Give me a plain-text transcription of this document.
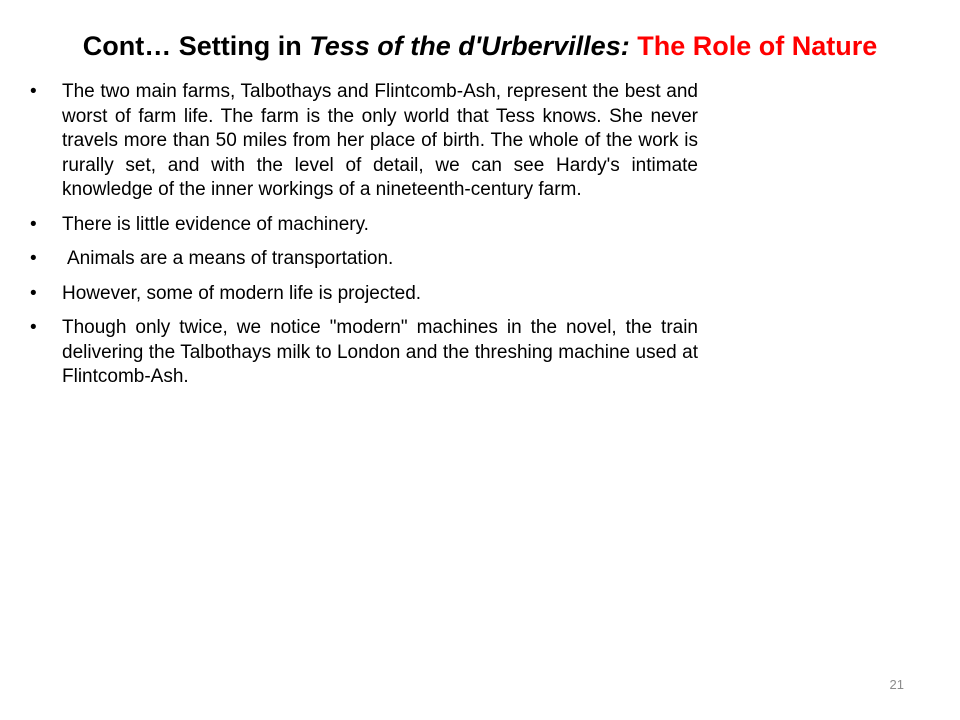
Cont… Setting in Tess of the d'Urbervilles: The Role of Nature
• The two main farms, Talbothays and Flintcomb-Ash, represent the best and worst of farm life. The farm is the only world that Tess knows. She never travels more than 50 miles from her place of birth. The whole of the work is rurally set, and with the level of detail, we can see Hardy's intimate knowledge of the inner workings of a nineteenth-century farm.
• There is little evidence of machinery.
• Animals are a means of transportation.
• However, some of modern life is projected.
• Though only twice, we notice "modern" machines in the novel, the train delivering the Talbothays milk to London and the threshing machine used at Flintcomb-Ash.
21
